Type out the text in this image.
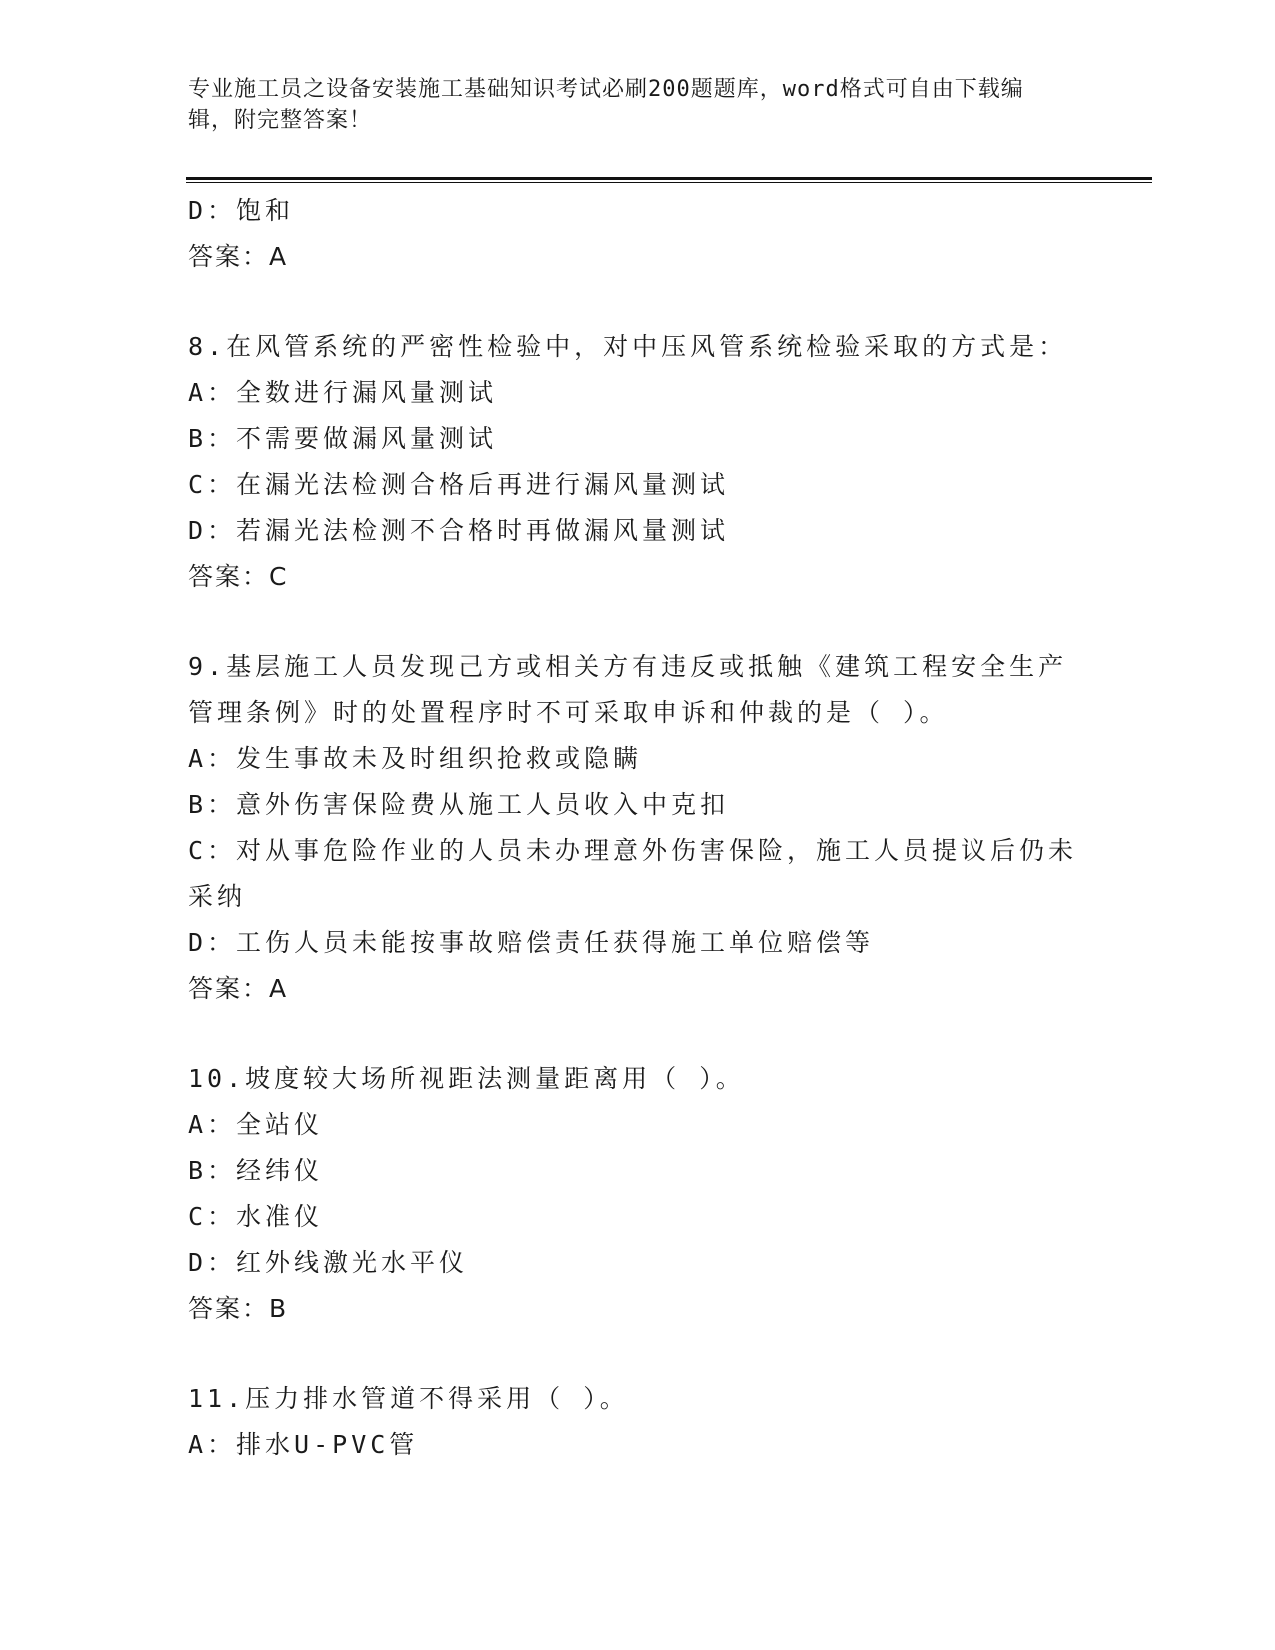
专业施工员之设备安装施工基础知识考试必刷200题题库，word格式可自由下载编辑，附完整答案！
D：饱和
答案：A
8.在风管系统的严密性检验中，对中压风管系统检验采取的方式是：
A：全数进行漏风量测试
B：不需要做漏风量测试
C：在漏光法检测合格后再进行漏风量测试
D：若漏光法检测不合格时再做漏风量测试
答案：C
9.基层施工人员发现己方或相关方有违反或抵触《建筑工程安全生产
管理条例》时的处置程序时不可采取申诉和仲裁的是（ ）。
A：发生事故未及时组织抢救或隐瞒
B：意外伤害保险费从施工人员收入中克扣
C：对从事危险作业的人员未办理意外伤害保险，施工人员提议后仍未
采纳
D：工伤人员未能按事故赔偿责任获得施工单位赔偿等
答案：A
10.坡度较大场所视距法测量距离用（ ）。
A：全站仪
B：经纬仪
C：水准仪
D：红外线激光水平仪
答案：B
11.压力排水管道不得采用（ ）。
A：排水U-PVC管
